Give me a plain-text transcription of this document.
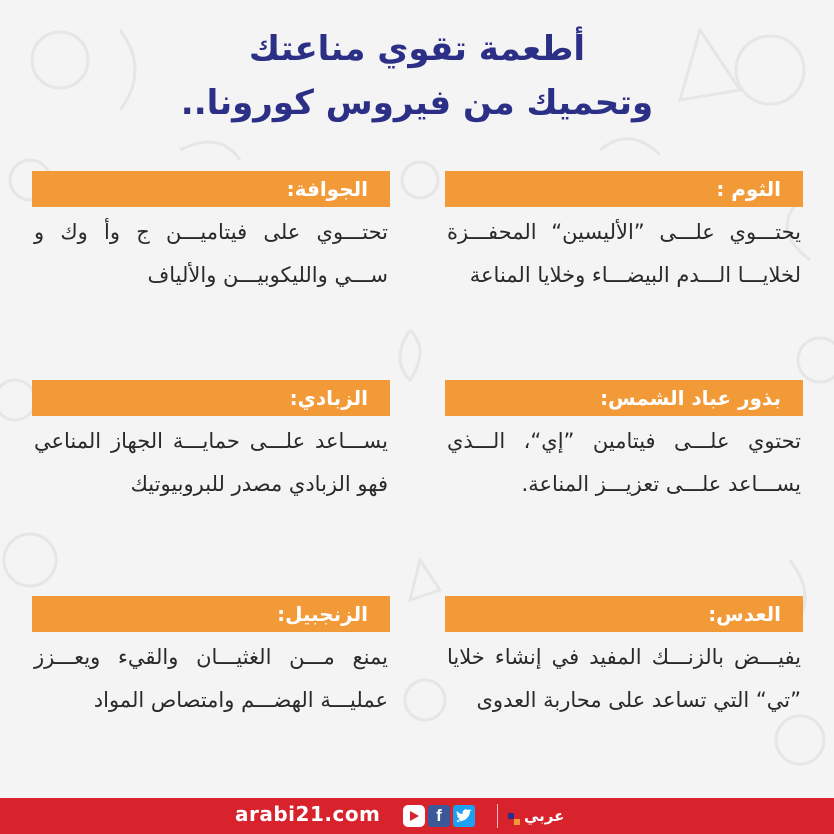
أطعمة تقوي مناعتك
وتحميك من فيروس كورونا..
الثوم :
يحتـــوي علـــى ”الأليسين“ المحفـــزة لخلايـــا الـــدم البيضـــاء وخلايا المناعة
بذور عباد الشمس:
تحتوي علـــى فيتامين ”إي“، الـــذي يســـاعد علـــى تعزيـــز المناعة.
العدس:
يفيـــض بالزنـــك المفيد في إنشاء خلايا ”تي“ التي تساعد على محاربة العدوى
الجوافة:
تحتـــوي على فيتاميـــن ج وأ وك و ســـي والليكوبيـــن والألياف
الزبادي:
يســـاعد علـــى حمايـــة الجهاز المناعي فهو الزبادي مصدر للبروبيوتيك
الزنجبيل:
يمنع مـــن الغثيـــان والقيء ويعـــزز عمليـــة الهضـــم وامتصاص المواد
arabi21.com	f	عربي
